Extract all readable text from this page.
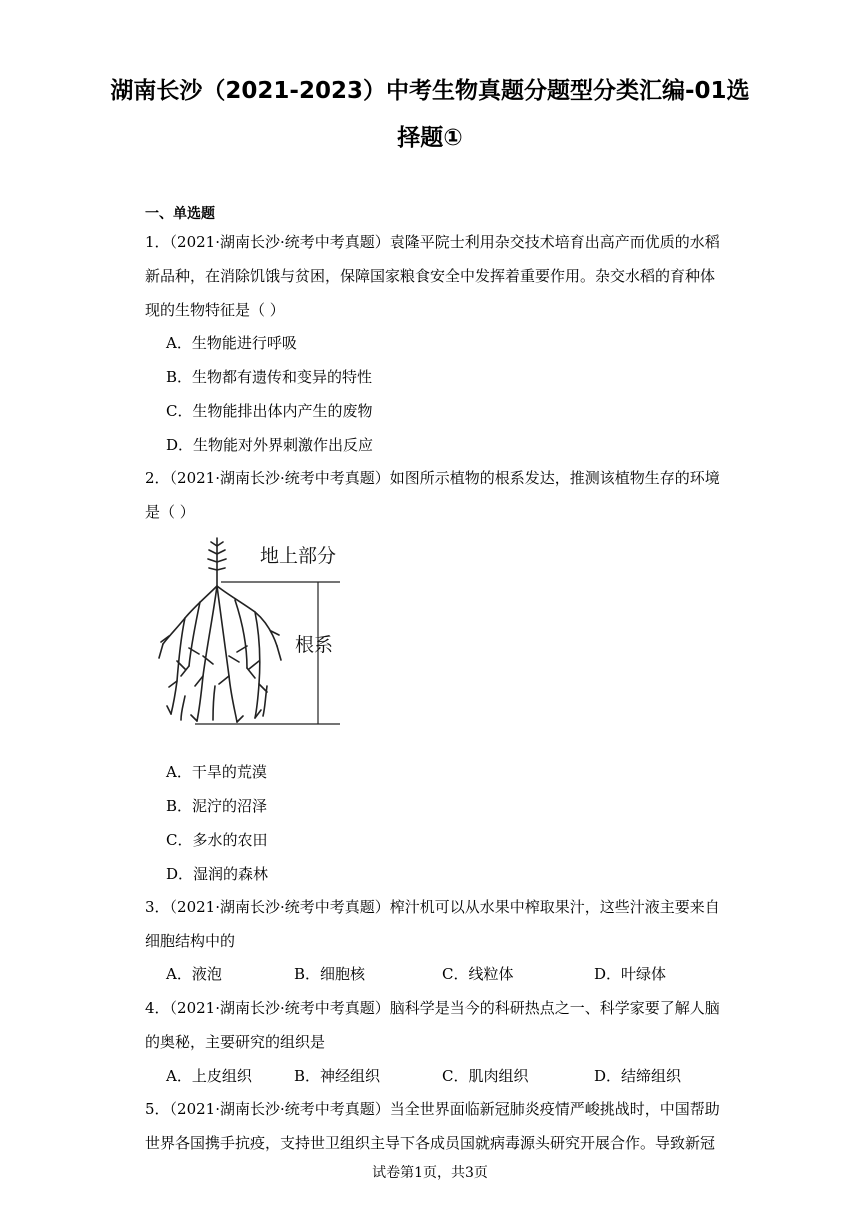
湖南长沙（2021-2023）中考生物真题分题型分类汇编-01选
择题①
一、单选题
1．（2021·湖南长沙·统考中考真题）袁隆平院士利用杂交技术培育出高产而优质的水稻
新品种，在消除饥饿与贫困，保障国家粮食安全中发挥着重要作用。杂交水稻的育种体
现的生物特征是（ ）
A．生物能进行呼吸
B．生物都有遗传和变异的特性
C．生物能排出体内产生的废物
D．生物能对外界刺激作出反应
2．（2021·湖南长沙·统考中考真题）如图所示植物的根系发达，推测该植物生存的环境
是（ ）
地上部分
根系
A．干旱的荒漠
B．泥泞的沼泽
C．多水的农田
D．湿润的森林
3．（2021·湖南长沙·统考中考真题）榨汁机可以从水果中榨取果汁，这些汁液主要来自
细胞结构中的
A．液泡	B．细胞核	C．线粒体	D．叶绿体
4．（2021·湖南长沙·统考中考真题）脑科学是当今的科研热点之一、科学家要了解人脑
的奥秘，主要研究的组织是
A．上皮组织	B．神经组织	C．肌肉组织	D．结缔组织
5．（2021·湖南长沙·统考中考真题）当全世界面临新冠肺炎疫情严峻挑战时，中国帮助
世界各国携手抗疫，支持世卫组织主导下各成员国就病毒源头研究开展合作。导致新冠
试卷第1页，共3页
